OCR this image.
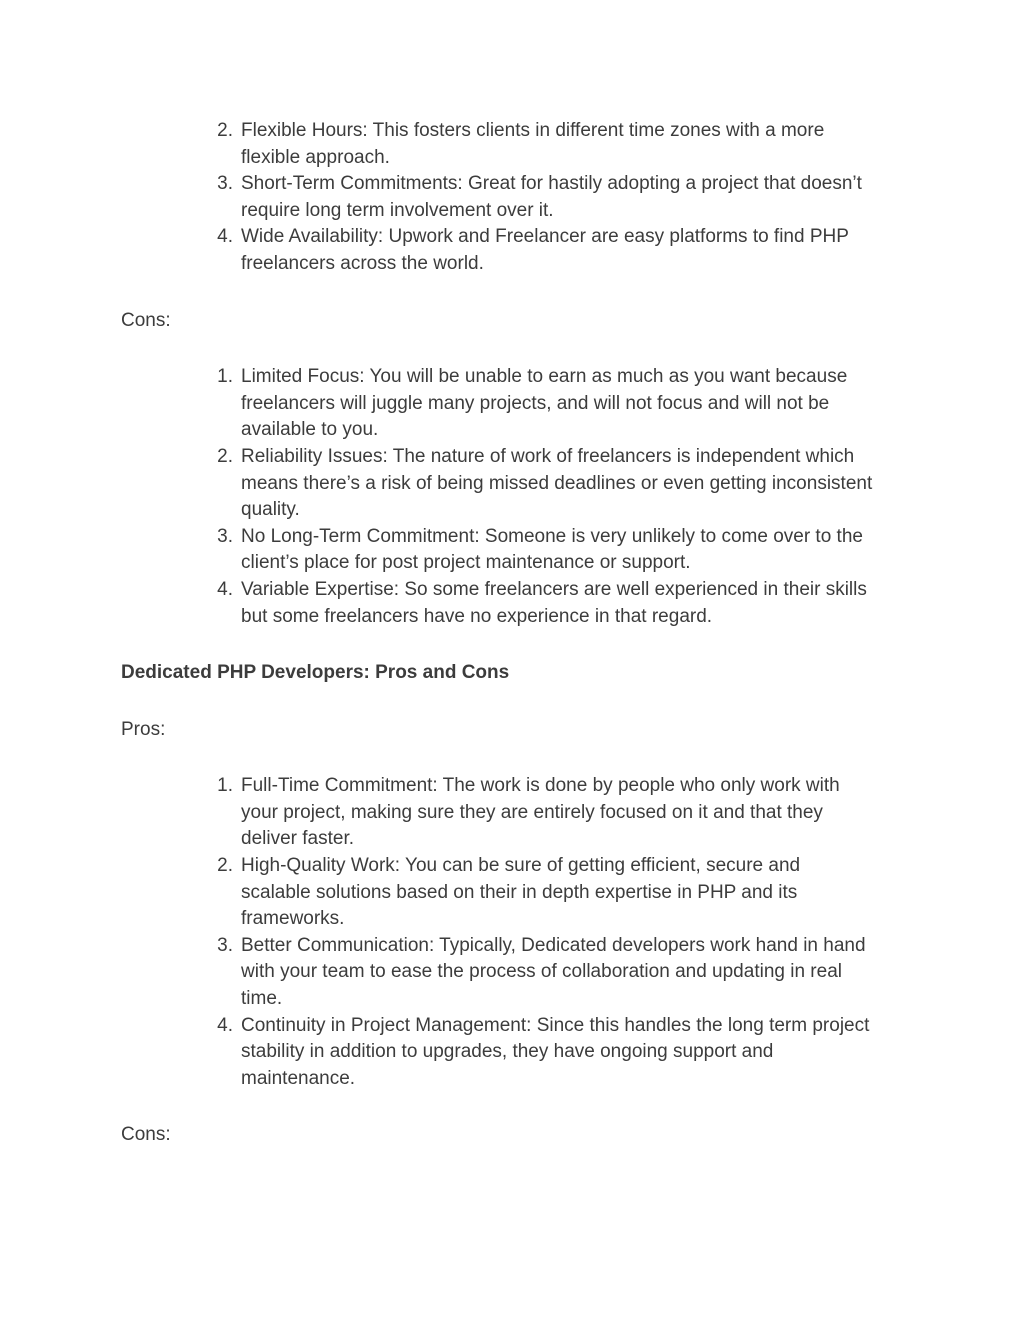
2 . Flexible Hours: This fosters clients in different time zones with a more flexible approach.
3 . Short-Term Commitments: Great for hastily adopting a project that doesn’t require long term involvement over it.
4 . Wide Availability: Upwork and Freelancer are easy platforms to find PHP freelancers across the world.

Cons:

1 . Limited Focus: You will be unable to earn as much as you want because freelancers will juggle many projects, and will not focus and will not be available to you.
2 . Reliability Issues: The nature of work of freelancers is independent which means there’s a risk of being missed deadlines or even getting inconsistent quality.
3 . No Long-Term Commitment: Someone is very unlikely to come over to the client’s place for post project maintenance or support.
4 . Variable Expertise: So some freelancers are well experienced in their skills but some freelancers have no experience in that regard.

Dedicated PHP Developers: Pros and Cons

Pros:

1 . Full-Time Commitment: The work is done by people who only work with your project, making sure they are entirely focused on it and that they deliver faster.
2 . High-Quality Work: You can be sure of getting efficient, secure and scalable solutions based on their in depth expertise in PHP and its frameworks.
3 . Better Communication: Typically, Dedicated developers work hand in hand with your team to ease the process of collaboration and updating in real time.
4 . Continuity in Project Management: Since this handles the long term project stability in addition to upgrades, they have ongoing support and maintenance.

Cons:
